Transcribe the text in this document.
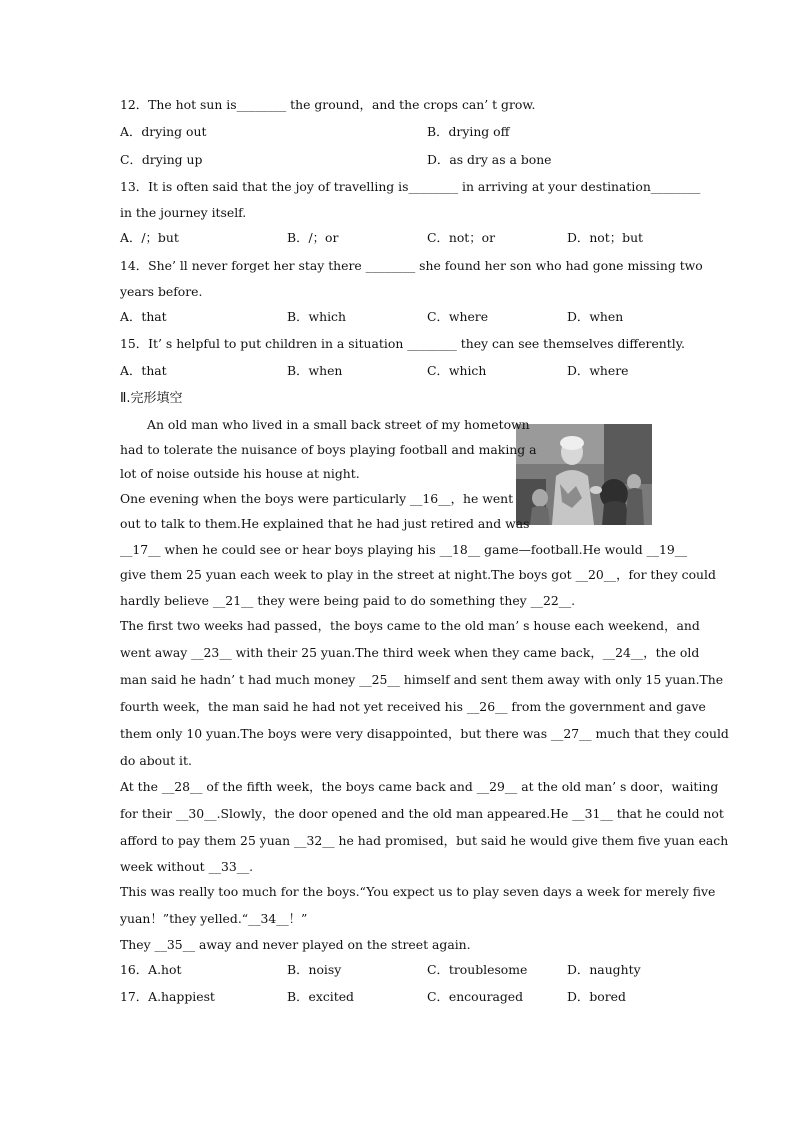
12．The hot sun is________ the ground，and the crops can’ t grow.
A．drying out	B．drying off
C．drying up	D．as dry as a bone
13．It is often said that the joy of travelling is________ in arriving at your destination________
in the journey itself.
A．/；but	B．/；or	C．not；or	D．not；but
14．She’ ll never forget her stay there ________ she found her son who had gone missing two
years before.
A．that	B．which	C．where	D．when
15．It’ s helpful to put children in a situation ________ they can see themselves differently.
A．that	B．when	C．which	D．where
Ⅱ.完形填空
An old man who lived in a small back street of my hometown
had to tolerate the nuisance of boys playing football and making a
lot of noise outside his house at night.
One evening when the boys were particularly __16__，he went
out to talk to them.He explained that he had just retired and was
__17__ when he could see or hear boys playing his __18__ game—football.He would __19__
give them 25 yuan each week to play in the street at night.The boys got __20__，for they could
hardly believe __21__ they were being paid to do something they __22__.
The first two weeks had passed，the boys came to the old man’ s house each weekend，and
went away __23__ with their 25 yuan.The third week when they came back，__24__，the old
man said he hadn’ t had much money __25__ himself and sent them away with only 15 yuan.The
fourth week，the man said he had not yet received his __26__ from the government and gave
them only 10 yuan.The boys were very disappointed，but there was __27__ much that they could
do about it.
At the __28__ of the fifth week，the boys came back and __29__ at the old man’ s door，waiting
for their __30__.Slowly，the door opened and the old man appeared.He __31__ that he could not
afford to pay them 25 yuan __32__ he had promised，but said he would give them five yuan each
week without __33__.
This was really too much for the boys.“You expect us to play seven days a week for merely five
yuan！”they yelled.“__34__！”
They __35__ away and never played on the street again.
16．A.hot	B．noisy	C．troublesome	D．naughty
17．A.happiest	B．excited	C．encouraged	D．bored
